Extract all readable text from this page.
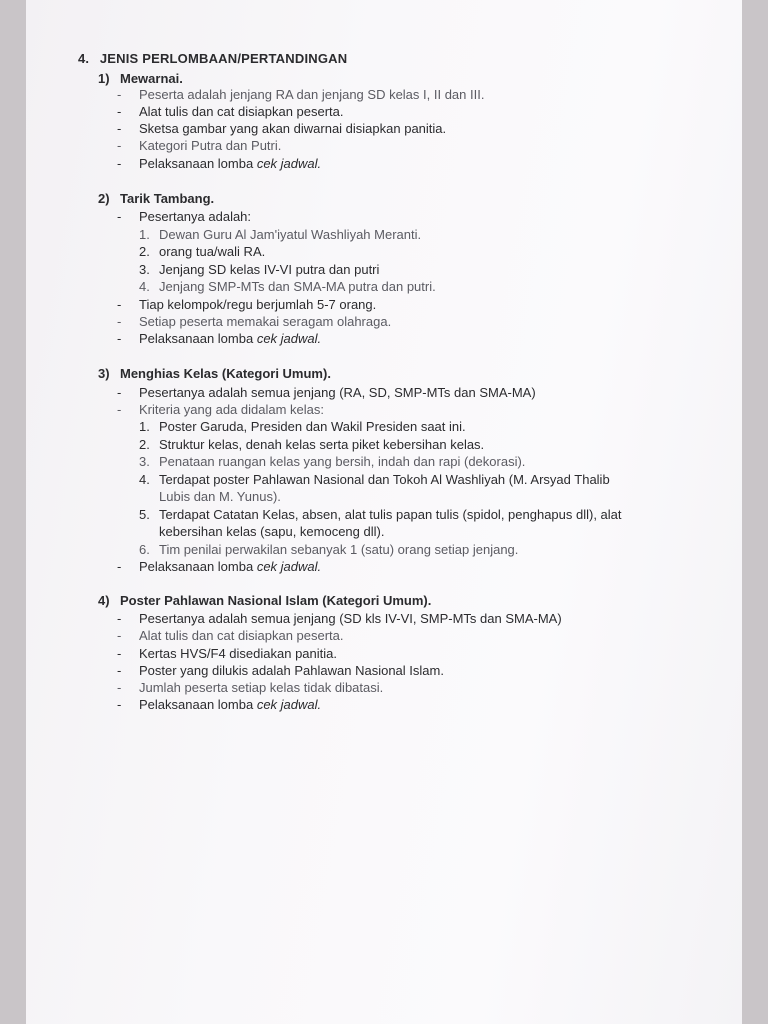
4. JENIS PERLOMBAAN/PERTANDINGAN
1) Mewarnai.
- Peserta adalah jenjang RA dan jenjang SD kelas I, II dan III.
- Alat tulis dan cat disiapkan peserta.
- Sketsa gambar yang akan diwarnai disiapkan panitia.
- Kategori Putra dan Putri.
- Pelaksanaan lomba cek jadwal.
2) Tarik Tambang.
- Pesertanya adalah:
1. Dewan Guru Al Jam'iyatul Washliyah Meranti.
2. orang tua/wali RA.
3. Jenjang SD kelas IV-VI putra dan putri
4. Jenjang SMP-MTs dan SMA-MA putra dan putri.
- Tiap kelompok/regu berjumlah 5-7 orang.
- Setiap peserta memakai seragam olahraga.
- Pelaksanaan lomba cek jadwal.
3) Menghias Kelas (Kategori Umum).
- Pesertanya adalah semua jenjang (RA, SD, SMP-MTs dan SMA-MA)
- Kriteria yang ada didalam kelas:
1. Poster Garuda, Presiden dan Wakil Presiden saat ini.
2. Struktur kelas, denah kelas serta piket kebersihan kelas.
3. Penataan ruangan kelas yang bersih, indah dan rapi (dekorasi).
4. Terdapat poster Pahlawan Nasional dan Tokoh Al Washliyah (M. Arsyad Thalib
Lubis dan M. Yunus).
5. Terdapat Catatan Kelas, absen, alat tulis papan tulis (spidol, penghapus dll), alat
kebersihan kelas (sapu, kemoceng dll).
6. Tim penilai perwakilan sebanyak 1 (satu) orang setiap jenjang.
- Pelaksanaan lomba cek jadwal.
4) Poster Pahlawan Nasional Islam (Kategori Umum).
- Pesertanya adalah semua jenjang (SD kls IV-VI, SMP-MTs dan SMA-MA)
- Alat tulis dan cat disiapkan peserta.
- Kertas HVS/F4 disediakan panitia.
- Poster yang dilukis adalah Pahlawan Nasional Islam.
- Jumlah peserta setiap kelas tidak dibatasi.
- Pelaksanaan lomba cek jadwal.
